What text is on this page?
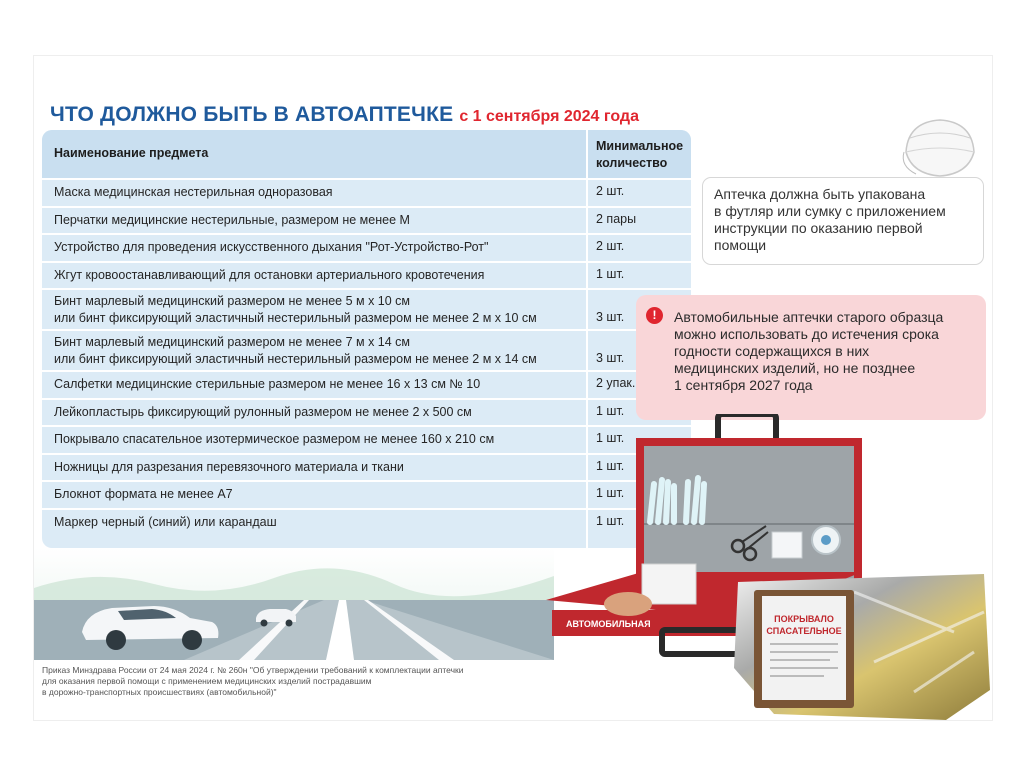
ЧТО ДОЛЖНО БЫТЬ В АВТОАПТЕЧКЕ с 1 сентября 2024 года
Наименование предмета	Минимальное
количество
Маска медицинская нестерильная одноразовая	2 шт.
Перчатки медицинские нестерильные, размером не менее M	2 пары
Устройство для проведения искусственного дыхания "Рот-Устройство-Рот"	2 шт.
Жгут кровоостанавливающий для остановки артериального кровотечения	1 шт.
Бинт марлевый медицинский размером не менее 5 м х 10 см
или бинт фиксирующий эластичный нестерильный размером не менее 2 м х 10 см	3 шт.
Бинт марлевый медицинский размером не менее 7 м х 14 см
или бинт фиксирующий эластичный нестерильный размером не менее 2 м х 14 см	3 шт.
Салфетки медицинские стерильные размером не менее 16 х 13 см № 10	2 упак.
Лейкопластырь фиксирующий рулонный размером не менее 2 х 500 см	1 шт.
Покрывало спасательное изотермическое размером не менее 160 х 210 см	1 шт.
Ножницы для разрезания перевязочного материала и ткани	1 шт.
Блокнот формата не менее А7	1 шт.
Маркер черный (синий) или карандаш	1 шт.
Приказ Минздрава России от 24 мая 2024 г. № 260н "Об утверждении требований к комплектации аптечки
для оказания первой помощи с применением медицинских изделий пострадавшим
в дорожно-транспортных происшествиях (автомобильной)"
Аптечка должна быть упакована
в футляр или сумку с приложением
инструкции по оказанию первой
помощи
!	Автомобильные аптечки старого образца
можно использовать до истечения срока
годности содержащихся в них
медицинских изделий, но не позднее
1 сентября 2027 года
АВТОМОБИЛЬНАЯ	ПОКРЫВАЛО
СПАСАТЕЛЬНОЕ
